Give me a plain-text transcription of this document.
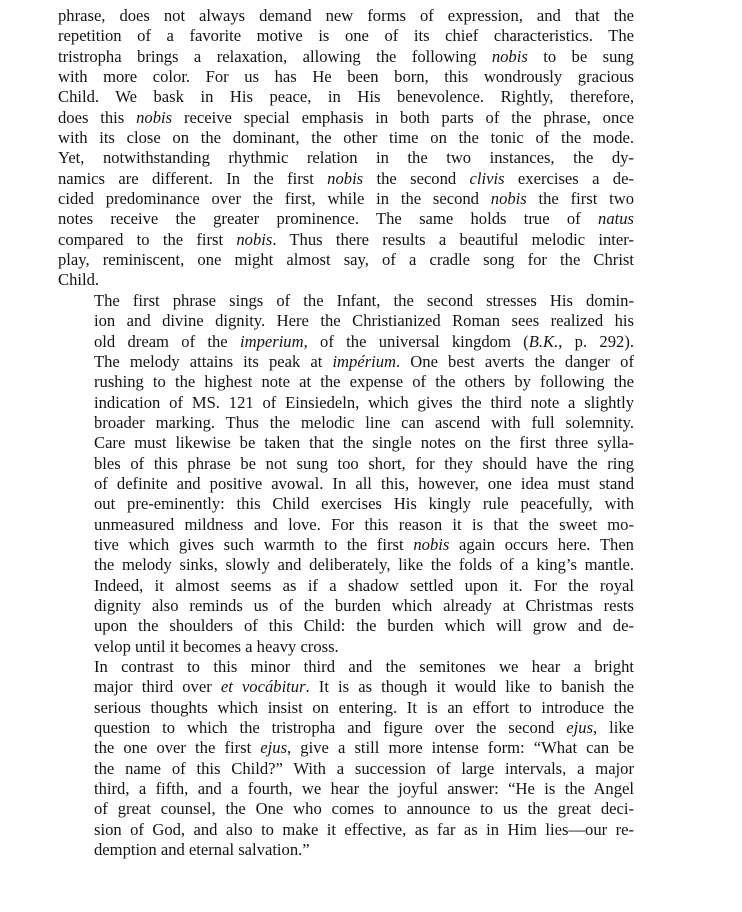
phrase, does not always demand new forms of expression, and that the
repetition of a favorite motive is one of its chief characteristics. The
tristropha brings a relaxation, allowing the following nobis to be sung
with more color. For us has He been born, this wondrously gracious
Child. We bask in His peace, in His benevolence. Rightly, therefore,
does this nobis receive special emphasis in both parts of the phrase, once
with its close on the dominant, the other time on the tonic of the mode.
Yet, notwithstanding rhythmic relation in the two instances, the dy-
namics are different. In the first nobis the second clivis exercises a de-
cided predominance over the first, while in the second nobis the first two
notes receive the greater prominence. The same holds true of natus
compared to the first nobis. Thus there results a beautiful melodic inter-
play, reminiscent, one might almost say, of a cradle song for the Christ
Child.

The first phrase sings of the Infant, the second stresses His domin-
ion and divine dignity. Here the Christianized Roman sees realized his
old dream of the imperium, of the universal kingdom (B.K., p. 292).
The melody attains its peak at impérium. One best averts the danger of
rushing to the highest note at the expense of the others by following the
indication of MS. 121 of Einsiedeln, which gives the third note a slightly
broader marking. Thus the melodic line can ascend with full solemnity.
Care must likewise be taken that the single notes on the first three sylla-
bles of this phrase be not sung too short, for they should have the ring
of definite and positive avowal. In all this, however, one idea must stand
out pre-eminently: this Child exercises His kingly rule peacefully, with
unmeasured mildness and love. For this reason it is that the sweet mo-
tive which gives such warmth to the first nobis again occurs here. Then
the melody sinks, slowly and deliberately, like the folds of a king’s mantle.
Indeed, it almost seems as if a shadow settled upon it. For the royal
dignity also reminds us of the burden which already at Christmas rests
upon the shoulders of this Child: the burden which will grow and de-
velop until it becomes a heavy cross.

In contrast to this minor third and the semitones we hear a bright
major third over et vocábitur. It is as though it would like to banish the
serious thoughts which insist on entering. It is an effort to introduce the
question to which the tristropha and figure over the second ejus, like
the one over the first ejus, give a still more intense form: “What can be
the name of this Child?” With a succession of large intervals, a major
third, a fifth, and a fourth, we hear the joyful answer: “He is the Angel
of great counsel, the One who comes to announce to us the great deci-
sion of God, and also to make it effective, as far as in Him lies—our re-
demption and eternal salvation.”
